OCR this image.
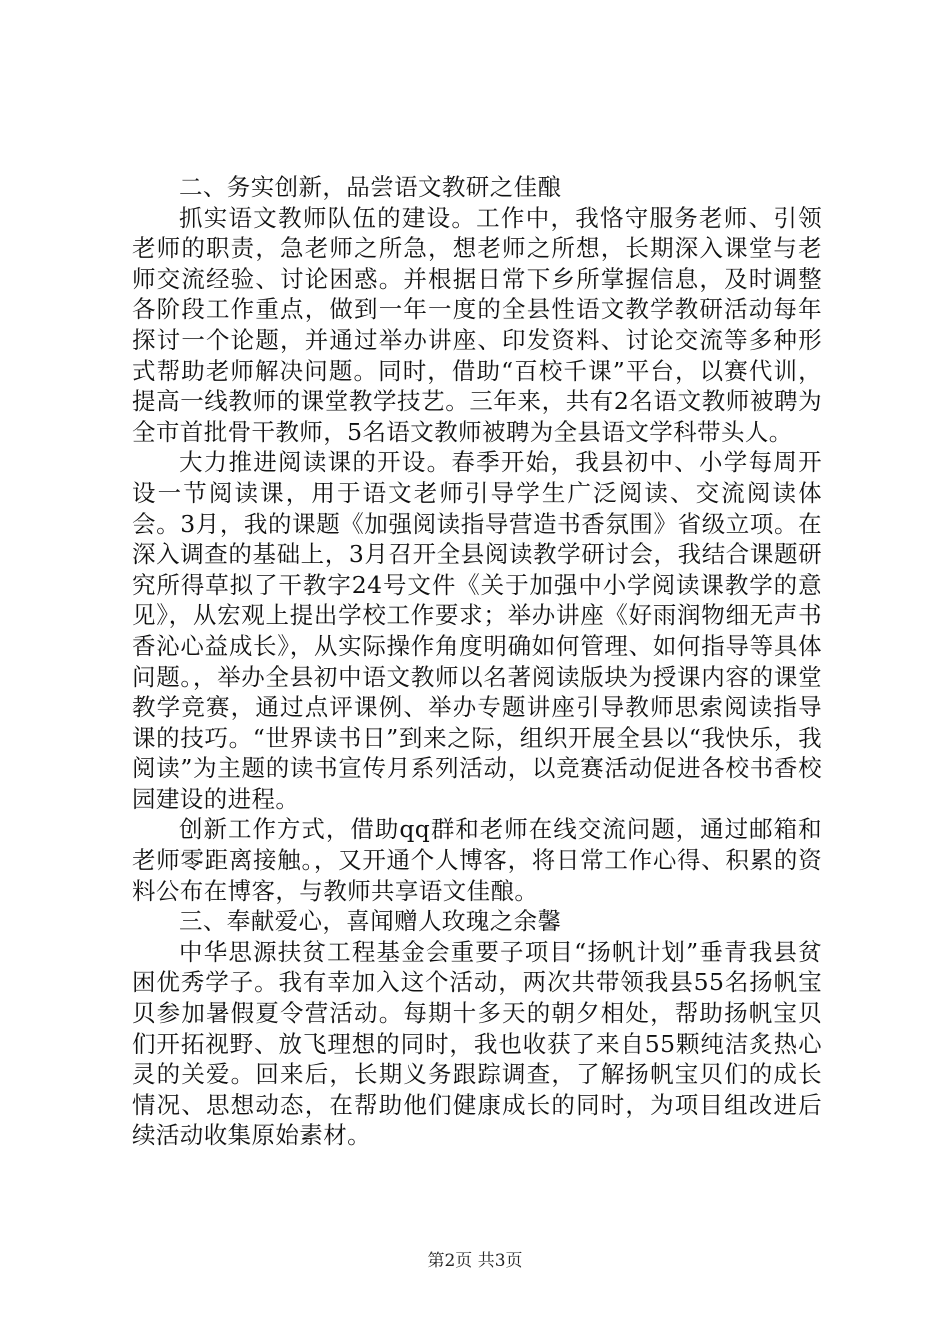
二、务实创新，品尝语文教研之佳酿

抓实语文教师队伍的建设。工作中，我恪守服务老师、引领老师的职责，急老师之所急，想老师之所想，长期深入课堂与老师交流经验、讨论困惑。并根据日常下乡所掌握信息，及时调整各阶段工作重点，做到一年一度的全县性语文教学教研活动每年探讨一个论题，并通过举办讲座、印发资料、讨论交流等多种形式帮助老师解决问题。同时，借助“百校千课”平台，以赛代训，提高一线教师的课堂教学技艺。三年来，共有2名语文教师被聘为全市首批骨干教师，5名语文教师被聘为全县语文学科带头人。

大力推进阅读课的开设。春季开始，我县初中、小学每周开设一节阅读课，用于语文老师引导学生广泛阅读、交流阅读体会。3月，我的课题《加强阅读指导营造书香氛围》省级立项。在深入调查的基础上，3月召开全县阅读教学研讨会，我结合课题研究所得草拟了干教字24号文件《关于加强中小学阅读课教学的意见》，从宏观上提出学校工作要求；举办讲座《好雨润物细无声书香沁心益成长》，从实际操作角度明确如何管理、如何指导等具体问题。，举办全县初中语文教师以名著阅读版块为授课内容的课堂教学竞赛，通过点评课例、举办专题讲座引导教师思索阅读指导课的技巧。“世界读书日”到来之际，组织开展全县以“我快乐，我阅读”为主题的读书宣传月系列活动，以竞赛活动促进各校书香校园建设的进程。

创新工作方式，借助qq群和老师在线交流问题，通过邮箱和老师零距离接触。，又开通个人博客，将日常工作心得、积累的资料公布在博客，与教师共享语文佳酿。

三、奉献爱心，喜闻赠人玫瑰之余馨

中华思源扶贫工程基金会重要子项目“扬帆计划”垂青我县贫困优秀学子。我有幸加入这个活动，两次共带领我县55名扬帆宝贝参加暑假夏令营活动。每期十多天的朝夕相处，帮助扬帆宝贝们开拓视野、放飞理想的同时，我也收获了来自55颗纯洁炙热心灵的关爱。回来后，长期义务跟踪调查，了解扬帆宝贝们的成长情况、思想动态，在帮助他们健康成长的同时，为项目组改进后续活动收集原始素材。

第2页 共3页
